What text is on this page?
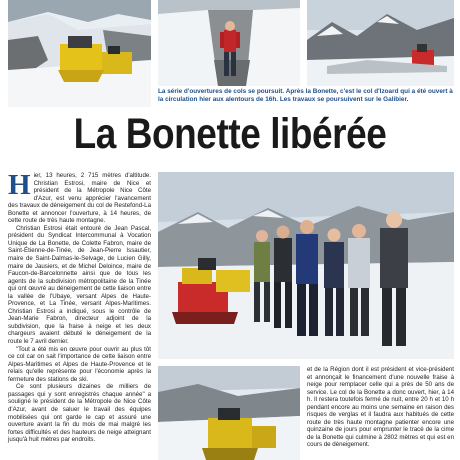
La série d'ouvertures de cols se poursuit. Après la Bonette, c'est le col d'Izoard qui a été ouvert à la circulation hier aux alentours de 16h. Les travaux se poursuivent sur le Galibier.

La Bonette libérée

Hier, 13 heures, 2 715 mètres d'altitude. Christian Estrosi, maire de Nice et président de la Métropole Nice Côte d'Azur, est venu apprécier l'avancement des travaux de déneigement du col de Restefond-La Bonette et annoncer l'ouverture, à 14 heures, de cette route de très haute montagne.

Christian Estrosi était entouré de Jean Pascal, président du Syndicat Intercommunal à Vocation Unique de La Bonette, de Colette Fabron, maire de Saint-Étienne-de-Tinée, de Jean-Pierre Issautier, maire de Saint-Dalmas-le-Selvage, de Lucien Gilly, maire de Jausiers, et de Michel Deloince, maire de Faucon-de-Barcelonnette ainsi que de tous les agents de la subdivision métropolitaine de la Tinée qui ont œuvré au déneigement de cette liaison entre la vallée de l'Ubaye, versant Alpes de Haute-Provence, et La Tinée, versant Alpes-Maritimes. Christian Estrosi a indiqué, sous le contrôle de Jean-Marie Fabron, directeur adjoint de la subdivision, que la fraise à neige et les deux chargeurs avaient débuté le déneigement de la route le 7 avril dernier.

"Tout a été mis en œuvre pour ouvrir au plus tôt ce col car on sait l'importance de cette liaison entre Alpes-Maritimes et Alpes de Haute-Provence et le relais qu'elle représente pour l'économie après la fermeture des stations de ski.

Ce sont plusieurs dizaines de milliers de passages qui y sont enregistrés chaque année" a souligné le président de la Métropole de Nice Côte d'Azur, avant de saluer le travail des équipes mobilisées qui ont garde le cap et assuré une ouverture avant la fin du mois de mai malgré les fortes difficultés et des hauteurs de neige atteignant jusqu'à huit mètres par endroits.

et de la Région dont il est président et vice-président et annonçait le financement d'une nouvelle fraise à neige pour remplacer celle qui a près de 50 ans de service. Le col de la Bonette a donc ouvert, hier, à 14 h. Il restera toutefois fermé de nuit, entre 20 h et 10 h pendant encore au moins une semaine en raison des risques de verglas et il faudra aux habitués de cette route de très haute montagne patienter encore une quinzaine de jours pour emprunter le tracé de la cime de la Bonette qui culmine à 2802 mètres et qui est en cours de déneigement.
